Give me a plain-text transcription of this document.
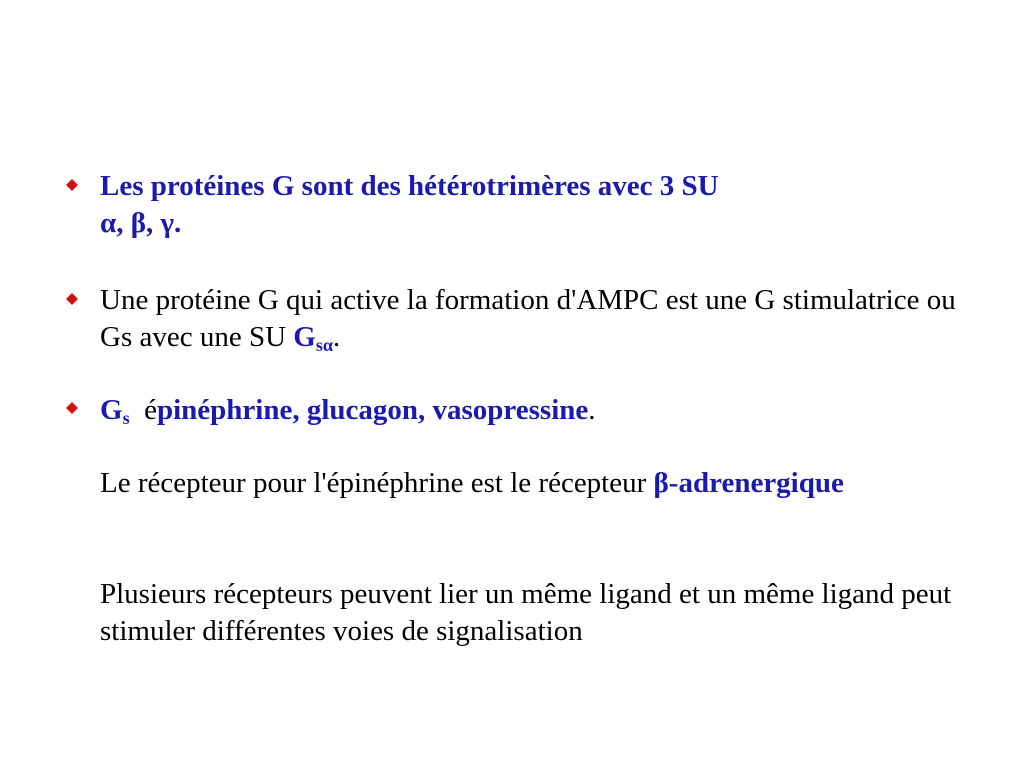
Les protéines G sont des hétérotrimères avec 3 SU
α, β, γ.
Une protéine G qui active la formation d'AMPC est une G stimulatrice ou Gs avec une SU $G_{s\alpha}$.
$G_s$  épinéphrine, glucagon, vasopressine.
Le récepteur pour l'épinéphrine est le récepteur β-adrenergique
Plusieurs récepteurs peuvent lier un même ligand et un même ligand peut stimuler différentes voies de signalisation
